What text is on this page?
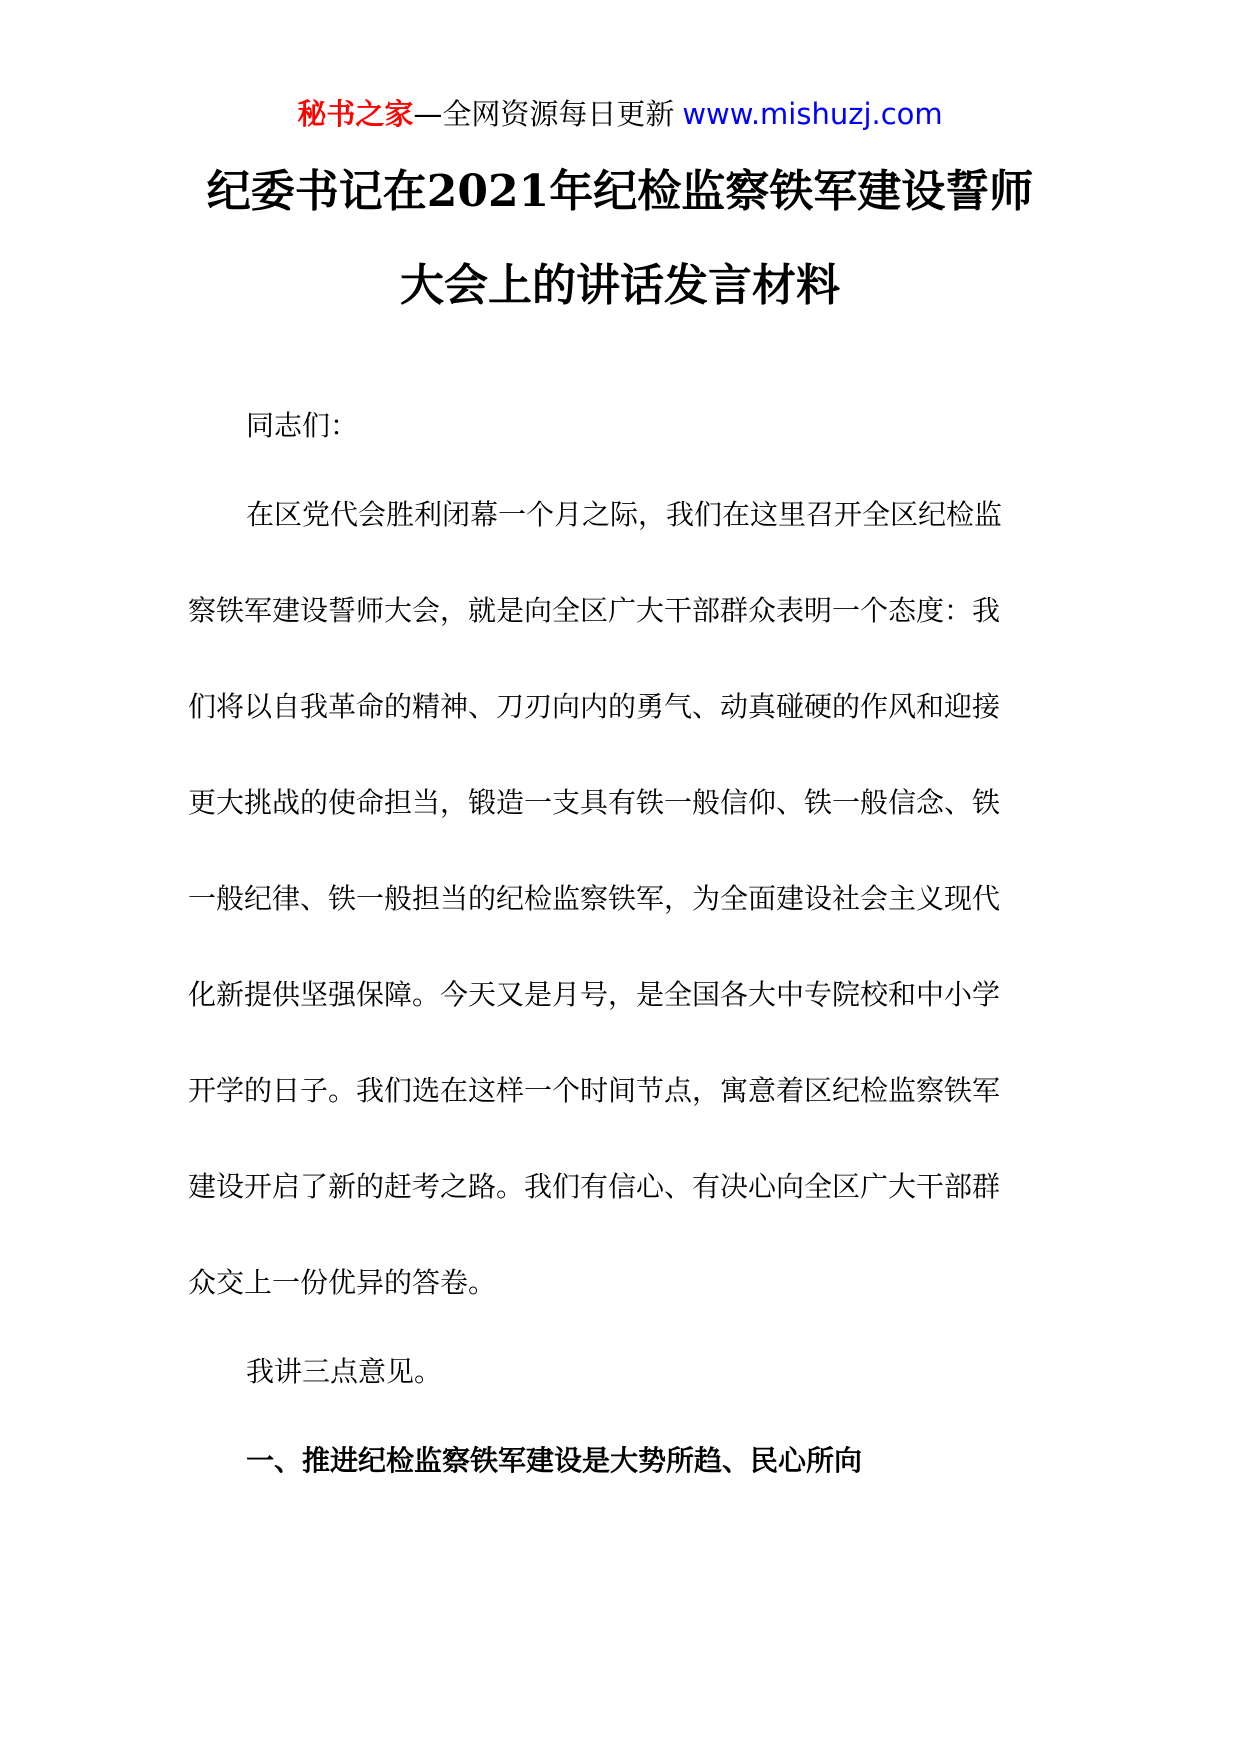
秘书之家—全网资源每日更新 www.mishuzj.com
纪委书记在2021年纪检监察铁军建设誓师
大会上的讲话发言材料
同志们：
在区党代会胜利闭幕一个月之际，我们在这里召开全区纪检监
察铁军建设誓师大会，就是向全区广大干部群众表明一个态度：我
们将以自我革命的精神、刀刃向内的勇气、动真碰硬的作风和迎接
更大挑战的使命担当，锻造一支具有铁一般信仰、铁一般信念、铁
一般纪律、铁一般担当的纪检监察铁军，为全面建设社会主义现代
化新提供坚强保障。今天又是月号，是全国各大中专院校和中小学
开学的日子。我们选在这样一个时间节点，寓意着区纪检监察铁军
建设开启了新的赶考之路。我们有信心、有决心向全区广大干部群
众交上一份优异的答卷。
我讲三点意见。
一、推进纪检监察铁军建设是大势所趋、民心所向
